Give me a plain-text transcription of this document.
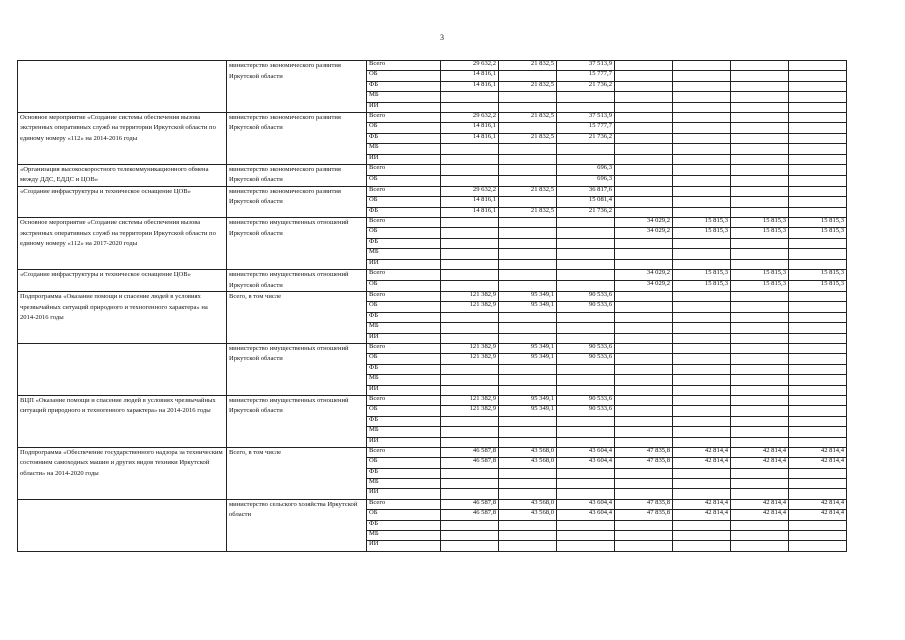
3
	министерство экономического развития Иркутской области	Всего	29 632,2	21 832,5	37 513,9				
		ОБ	14 816,1		15 777,7				
		ФБ	14 816,1	21 832,5	21 736,2				
		МБ							
		ИИ							
Основное мероприятие «Создание системы обеспечения вызова экстренных оперативных служб на территории Иркутской области по единому номеру «112» на 2014-2016 годы	министерство экономического развития Иркутской области	Всего	29 632,2	21 832,5	37 513,9				
		ОБ	14 816,1		15 777,7				
		ФБ	14 816,1	21 832,5	21 736,2				
		МБ							
		ИИ							
«Организация высокоскоростного телекоммуникационного обмена между ДДС, ЕДДС и ЦОВ»	министерство экономического развития Иркутской области	Всего			696,3				
		ОБ			696,3				
«Создание инфраструктуры и техническое оснащение ЦОВ»	министерство экономического развития Иркутской области	Всего	29 632,2	21 832,5	36 817,6				
		ОБ	14 816,1		15 081,4				
		ФБ	14 816,1	21 832,5	21 736,2				
Основное мероприятие «Создание системы обеспечения вызова экстренных оперативных служб на территории Иркутской области по единому номеру «112» на 2017-2020 годы	министерство имущественных отношений Иркутской области	Всего				34 029,2	15 815,3	15 815,3	15 815,3
		ОБ				34 029,2	15 815,3	15 815,3	15 815,3
		ФБ							
		МБ							
		ИИ							
«Создание инфраструктуры и техническое оснащение ЦОВ»	министерство имущественных отношений Иркутской области	Всего				34 029,2	15 815,3	15 815,3	15 815,3
		ОБ				34 029,2	15 815,3	15 815,3	15 815,3
Подпрограмма «Оказание помощи и спасение людей в условиях чрезвычайных ситуаций природного и техногенного характера» на 2014-2016 годы	Всего, в том числе	Всего	121 382,9	95 349,1	90 533,6				
		ОБ	121 382,9	95 349,1	90 533,6				
		ФБ							
		МБ							
		ИИ							
	министерство имущественных отношений Иркутской области	Всего	121 382,9	95 349,1	90 533,6				
		ОБ	121 382,9	95 349,1	90 533,6				
		ФБ							
		МБ							
		ИИ							
ВЦП «Оказание помощи и спасение людей в условиях чрезвычайных ситуаций природного и техногенного характера» на 2014-2016 годы	министерство имущественных отношений Иркутской области	Всего	121 382,9	95 349,1	90 533,6				
		ОБ	121 382,9	95 349,1	90 533,6				
		ФБ							
		МБ							
		ИИ							
Подпрограмма «Обеспечение государственного надзора за техническим состоянием самоходных машин и других видов техники Иркутской области» на 2014-2020 годы	Всего, в том числе	Всего	46 587,8	43 568,0	43 604,4	47 835,8	42 814,4	42 814,4	42 814,4
		ОБ	46 587,8	43 568,0	43 604,4	47 835,8	42 814,4	42 814,4	42 814,4
		ФБ							
		МБ							
		ИИ							
	министерство сельского хозяйства Иркутской области	Всего	46 587,8	43 568,0	43 604,4	47 835,8	42 814,4	42 814,4	42 814,4
		ОБ	46 587,8	43 568,0	43 604,4	47 835,8	42 814,4	42 814,4	42 814,4
		ФБ							
		МБ							
		ИИ							
